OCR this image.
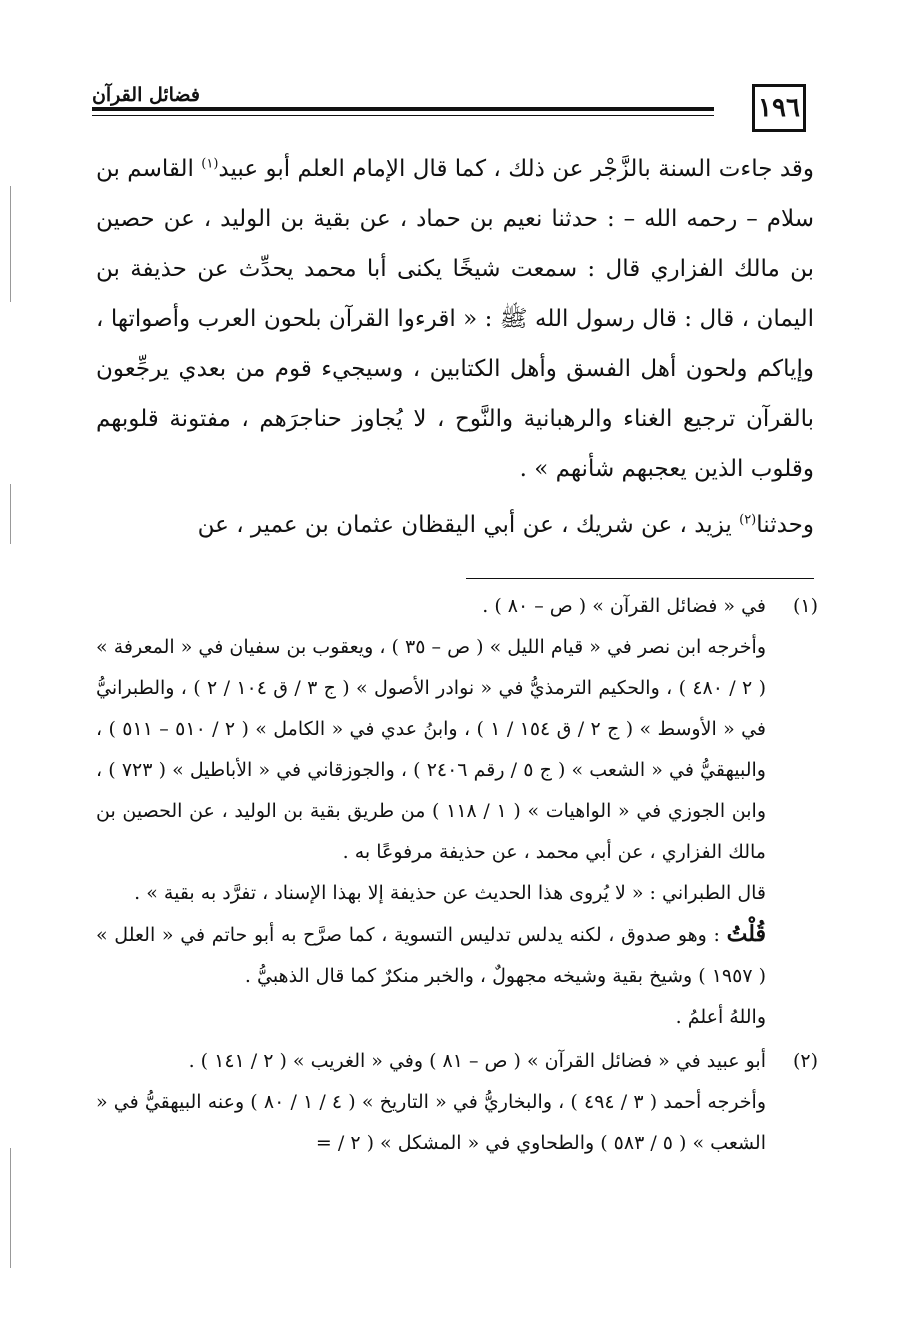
١٩٦
فضائل القرآن

وقد جاءت السنة بالزَّجْر عن ذلك ، كما قال الإمام العلم أبو عبيد$^{(١)}$ القاسم بن سلام – رحمه الله – : حدثنا نعيم بن حماد ، عن بقية بن الوليد ، عن حصين بن مالك الفزاري قال : سمعت شيخًا يكنى أبا محمد يحدِّث عن حذيفة بن اليمان ، قال : قال رسول الله ﷺ : « اقرءوا القرآن بلحون العرب وأصواتها ، وإياكم ولحون أهل الفسق وأهل الكتابين ، وسيجيء قوم من بعدي يرجِّعون بالقرآن ترجيع الغناء والرهبانية والنَّوح ، لا يُجاوز حناجرَهم ، مفتونة قلوبهم وقلوب الذين يعجبهم شأنهم » .

وحدثنا$^{(٢)}$ يزيد ، عن شريك ، عن أبي اليقظان عثمان بن عمير ، عن

(١)
في « فضائل القرآن » ( ص – ٨٠ ) .
وأخرجه ابن نصر في « قيام الليل » ( ص – ٣٥ ) ، ويعقوب بن سفيان في « المعرفة » ( ٢ / ٤٨٠ ) ، والحكيم الترمذيُّ في « نوادر الأصول » ( ج ٣ / ق ١٠٤ / ٢ ) ، والطبرانيُّ في « الأوسط » ( ج ٢ / ق ١٥٤ / ١ ) ، وابنُ عدي في « الكامل » ( ٢ / ٥١٠ – ٥١١ ) ، والبيهقيُّ في « الشعب » ( ج ٥ / رقم ٢٤٠٦ ) ، والجوزقاني في « الأباطيل » ( ٧٢٣ ) ، وابن الجوزي في « الواهيات » ( ١ / ١١٨ ) من طريق بقية بن الوليد ، عن الحصين بن مالك الفزاري ، عن أبي محمد ، عن حذيفة مرفوعًا به .
قال الطبراني : « لا يُروى هذا الحديث عن حذيفة إلا بهذا الإسناد ، تفرَّد به بقية » .
قُلْتُ : وهو صدوق ، لكنه يدلس تدليس التسوية ، كما صرَّح به أبو حاتم في « العلل » ( ١٩٥٧ ) وشيخ بقية وشيخه مجهولٌ ، والخبر منكرٌ كما قال الذهبيُّ .
واللهُ أعلمُ .
(٢)
أبو عبيد في « فضائل القرآن » ( ص – ٨١ ) وفي « الغريب » ( ٢ / ١٤١ ) .
وأخرجه أحمد ( ٣ / ٤٩٤ ) ، والبخاريُّ في « التاريخ » ( ٤ / ١ / ٨٠ ) وعنه البيهقيُّ في « الشعب » ( ٥ / ٥٨٣ ) والطحاوي في « المشكل » ( ٢ / =
